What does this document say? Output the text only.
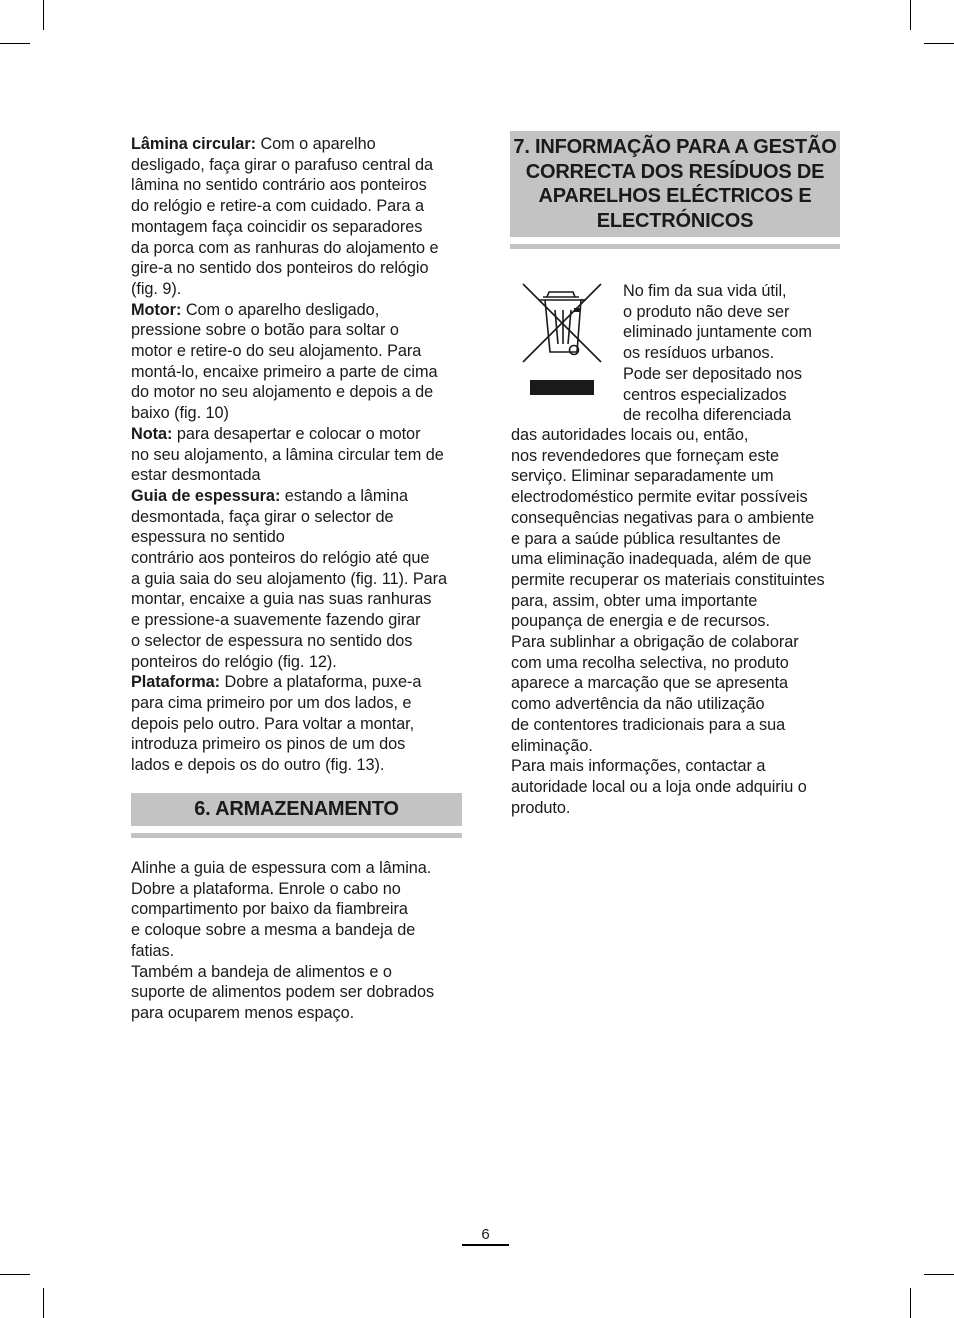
Lâmina circular: Com o aparelho
desligado, faça girar o parafuso central da
lâmina no sentido contrário aos ponteiros
do relógio e retire-a com cuidado. Para a
montagem faça coincidir os separadores
da porca com as ranhuras do alojamento e
gire-a no sentido dos ponteiros do relógio
(fig. 9).

Motor: Com o aparelho desligado,
pressione sobre o botão para soltar o
motor e retire-o do seu alojamento. Para
montá-lo, encaixe primeiro a parte de cima
do motor no seu alojamento e depois a de
baixo (fig. 10)

Nota: para desapertar e colocar o motor
no seu alojamento, a lâmina circular tem de
estar desmontada

Guia de espessura: estando a lâmina
desmontada, faça girar o selector de
espessura no sentido
contrário aos ponteiros do relógio até que
a guia saia do seu alojamento (fig. 11). Para
montar, encaixe a guia nas suas ranhuras
e pressione-a suavemente fazendo girar
o selector de espessura no sentido dos
ponteiros do relógio (fig. 12).

Plataforma: Dobre a plataforma, puxe-a
para cima primeiro por um dos lados, e
depois pelo outro. Para voltar a montar,
introduza primeiro os pinos de um dos
lados e depois os do outro (fig. 13).

6. ARMAZENAMENTO

Alinhe a guia de espessura com a lâmina.
Dobre a plataforma. Enrole o cabo no
compartimento por baixo da fiambreira
e coloque sobre a mesma a bandeja de
fatias.
Também a bandeja de alimentos e o
suporte de alimentos podem ser dobrados
para ocuparem menos espaço.

7. INFORMAÇÃO PARA A GESTÃO
CORRECTA DOS RESÍDUOS DE
APARELHOS ELÉCTRICOS E
ELECTRÓNICOS

No fim da sua vida útil,
o produto não deve ser
eliminado juntamente com
os resíduos urbanos.
Pode ser depositado nos
centros especializados
de recolha diferenciada

das autoridades locais ou, então,
nos revendedores que forneçam este
serviço. Eliminar separadamente um
electrodoméstico permite evitar possíveis
consequências negativas para o ambiente
e para a saúde pública resultantes de
uma eliminação inadequada, além de que
permite recuperar os materiais constituintes
para, assim, obter uma importante
poupança de energia e de recursos.
Para sublinhar a obrigação de colaborar
com uma recolha selectiva, no produto
aparece a marcação que se apresenta
como advertência da não utilização
de contentores tradicionais para a sua
eliminação.
Para mais informações, contactar a
autoridade local ou a loja onde adquiriu o
produto.

6
